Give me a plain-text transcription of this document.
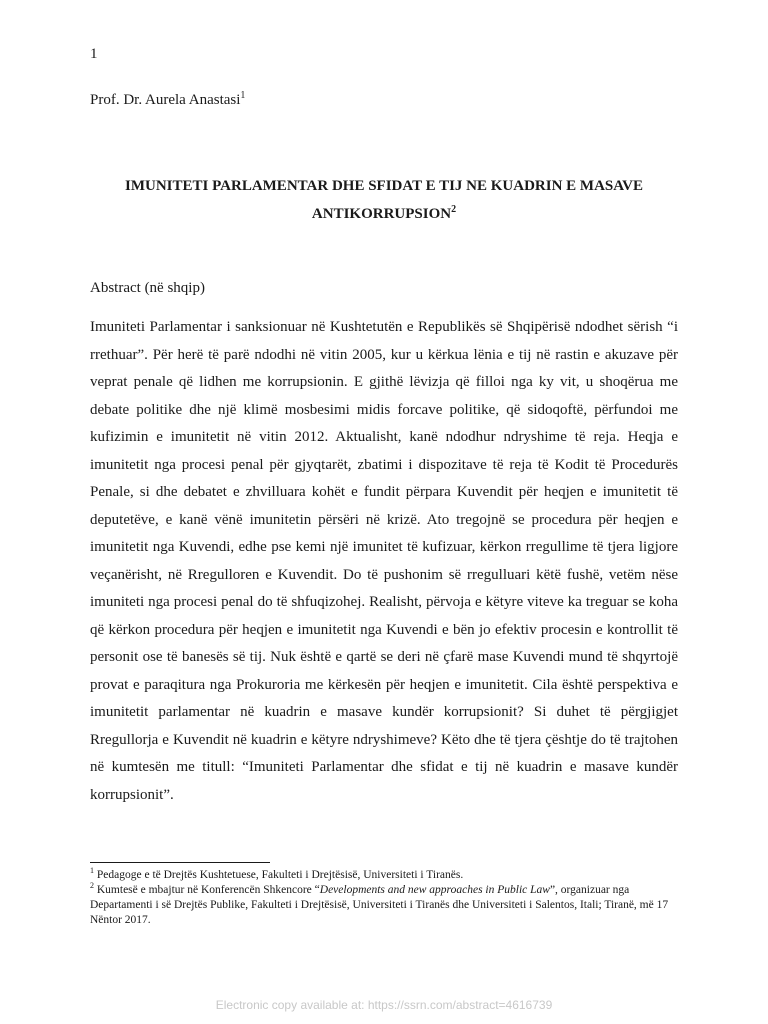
1
Prof. Dr. Aurela Anastasi$^1$
IMUNITETI PARLAMENTAR DHE SFIDAT E TIJ NE KUADRIN E MASAVE
ANTIKORRUPSION$^2$
Abstract (në shqip)

Imuniteti Parlamentar i sanksionuar në Kushtetutën e Republikës së Shqipërisë ndodhet sërish “i rrethuar”. Për herë të parë ndodhi në vitin 2005, kur u kërkua lënia e tij në rastin e akuzave për veprat penale që lidhen me korrupsionin. E gjithë lëvizja që filloi nga ky vit, u shoqërua me debate politike dhe një klimë mosbesimi midis forcave politike, që sidoqoftë, përfundoi me kufizimin e imunitetit në vitin 2012. Aktualisht, kanë ndodhur ndryshime të reja. Heqja e imunitetit nga procesi penal për gjyqtarët, zbatimi i dispozitave të reja të Kodit të Procedurës Penale, si dhe debatet e zhvilluara kohët e fundit përpara Kuvendit për heqjen e imunitetit të deputetëve, e kanë vënë imunitetin përsëri në krizë. Ato tregojnë se procedura për heqjen e imunitetit nga Kuvendi, edhe pse kemi një imunitet të kufizuar, kërkon rregullime të tjera ligjore veçanërisht, në Rregulloren e Kuvendit. Do të pushonim së rregulluari këtë fushë, vetëm nëse imuniteti nga procesi penal do të shfuqizohej. Realisht, përvoja e këtyre viteve ka treguar se koha që kërkon procedura për heqjen e imunitetit nga Kuvendi e bën jo efektiv procesin e kontrollit të personit ose të banesës së tij. Nuk është e qartë se deri në çfarë mase Kuvendi mund të shqyrtojë provat e paraqitura nga Prokuroria me kërkesën për heqjen e imunitetit. Cila është perspektiva e imunitetit parlamentar në kuadrin e masave kundër korrupsionit? Si duhet të përgjigjet Rregullorja e Kuvendit në kuadrin e këtyre ndryshimeve? Këto dhe të tjera çështje do të trajtohen në kumtesën me titull: “Imuniteti Parlamentar dhe sfidat e tij në kuadrin e masave kundër korrupsionit”.

$^1$ Pedagoge e të Drejtës Kushtetuese, Fakulteti i Drejtësisë, Universiteti i Tiranës.

$^2$ Kumtesë e mbajtur në Konferencën Shkencore “Developments and new approaches in Public Law”, organizuar nga Departamenti i së Drejtës Publike, Fakulteti i Drejtësisë, Universiteti i Tiranës dhe Universiteti i Salentos, Itali; Tiranë, më 17 Nëntor 2017.

Electronic copy available at: https://ssrn.com/abstract=4616739
